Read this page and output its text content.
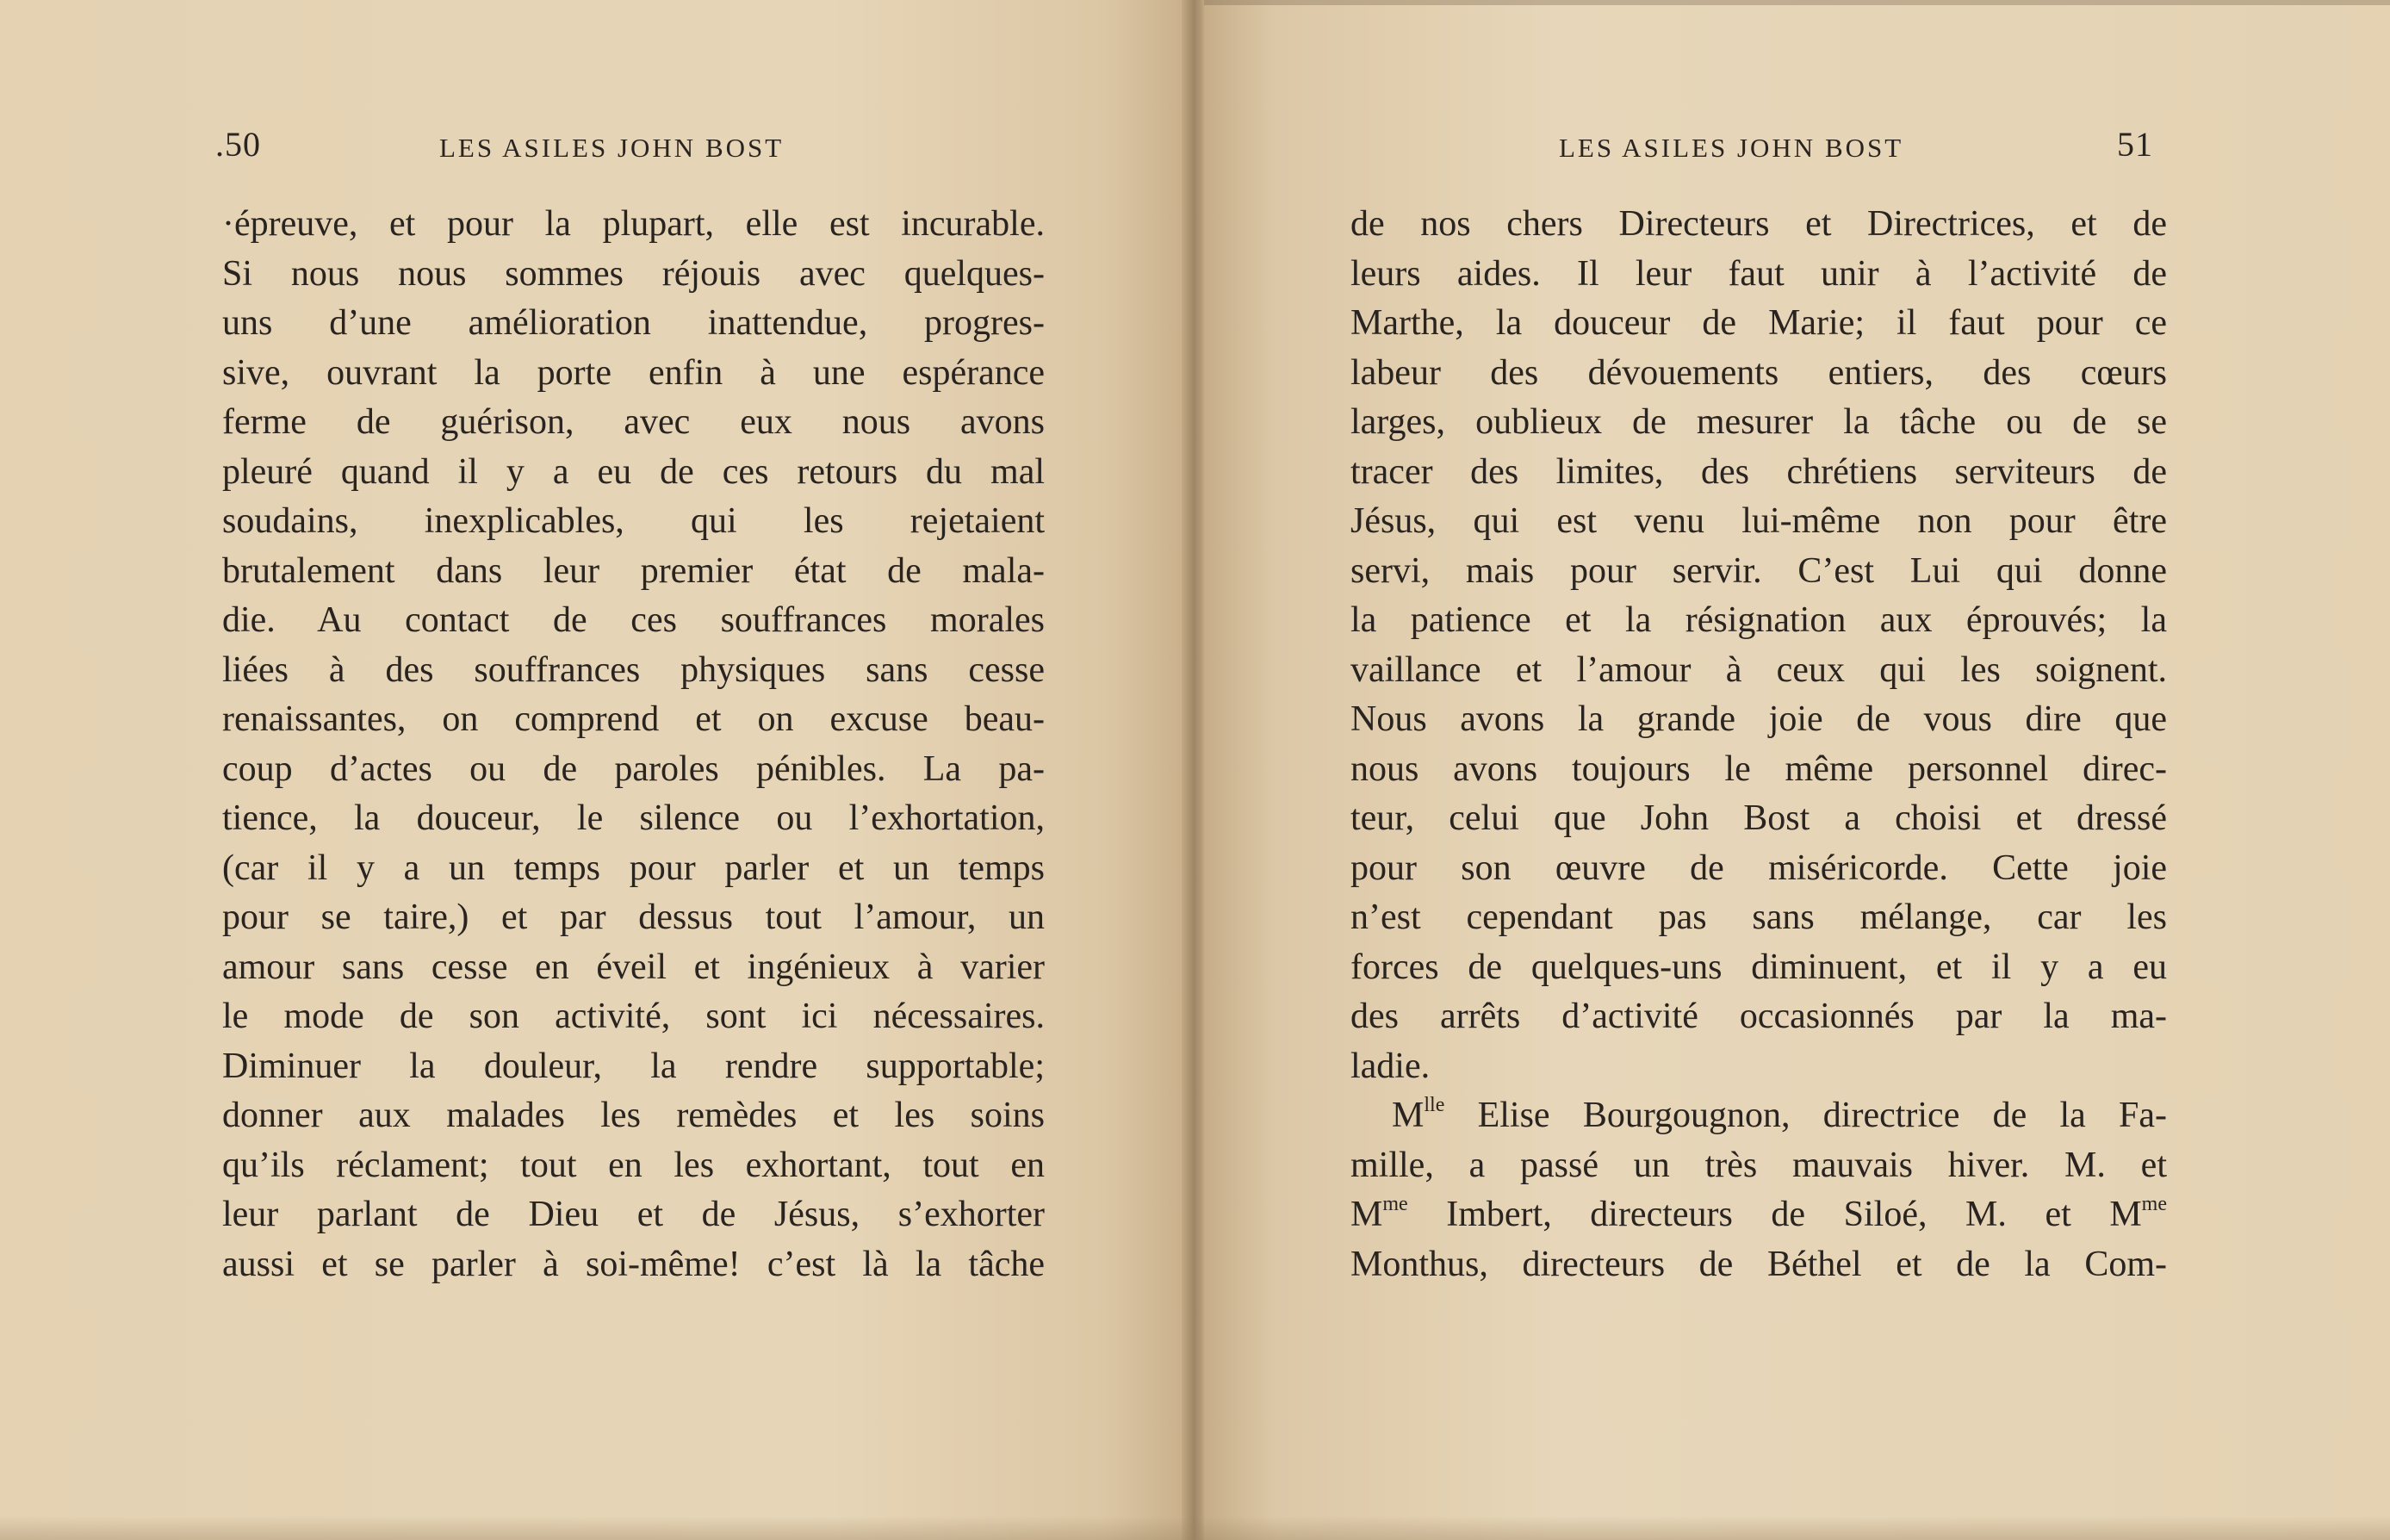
.50	LES ASILES JOHN BOST
·épreuve, et pour la plupart, elle est incurable.
Si nous nous sommes réjouis avec quelques-
uns d’une amélioration inattendue, progres-
sive, ouvrant la porte enfin à une espérance
ferme de guérison, avec eux nous avons
pleuré quand il y a eu de ces retours du mal
soudains, inexplicables, qui les rejetaient
brutalement dans leur premier état de mala-
die. Au contact de ces souffrances morales
liées à des souffrances physiques sans cesse
renaissantes, on comprend et on excuse beau-
coup d’actes ou de paroles pénibles. La pa-
tience, la douceur, le silence ou l’exhortation,
(car il y a un temps pour parler et un temps
pour se taire,) et par dessus tout l’amour, un
amour sans cesse en éveil et ingénieux à varier
le mode de son activité, sont ici nécessaires.
Diminuer la douleur, la rendre supportable;
donner aux malades les remèdes et les soins
qu’ils réclament; tout en les exhortant, tout en
leur parlant de Dieu et de Jésus, s’exhorter
aussi et se parler à soi-même! c’est là la tâche
LES ASILES JOHN BOST	51
de nos chers Directeurs et Directrices, et de
leurs aides. Il leur faut unir à l’activité de
Marthe, la douceur de Marie; il faut pour ce
labeur des dévouements entiers, des cœurs
larges, oublieux de mesurer la tâche ou de se
tracer des limites, des chrétiens serviteurs de
Jésus, qui est venu lui-même non pour être
servi, mais pour servir. C’est Lui qui donne
la patience et la résignation aux éprouvés; la
vaillance et l’amour à ceux qui les soignent.
Nous avons la grande joie de vous dire que
nous avons toujours le même personnel direc-
teur, celui que John Bost a choisi et dressé
pour son œuvre de miséricorde. Cette joie
n’est cependant pas sans mélange, car les
forces de quelques-uns diminuent, et il y a eu
des arrêts d’activité occasionnés par la ma-
ladie.
$M^{lle}$ Elise Bourgougnon, directrice de la Fa-
mille, a passé un très mauvais hiver. M. et
$M^{me}$ Imbert, directeurs de Siloé, M. et $M^{me}$
Monthus, directeurs de Béthel et de la Com-
